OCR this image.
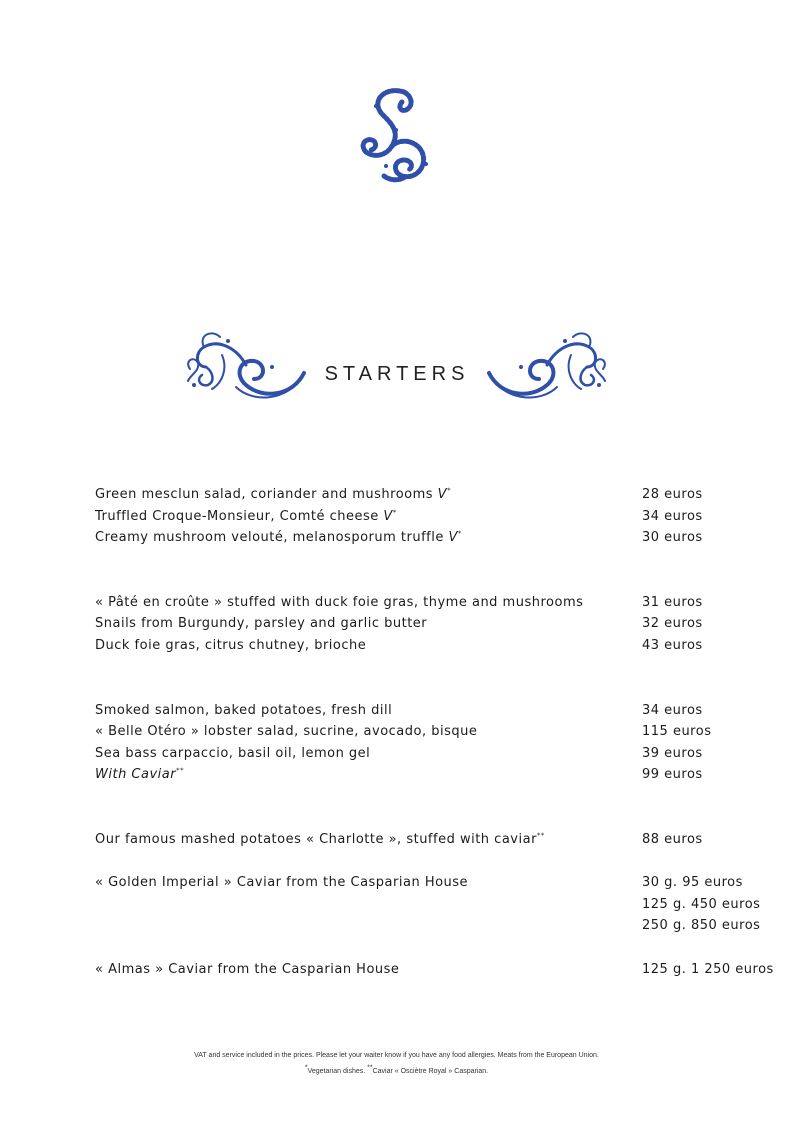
STARTERS
Green mesclun salad, coriander and mushrooms V*	28 euros
Truffled Croque-Monsieur, Comté cheese V*	34 euros
Creamy mushroom velouté, melanosporum truffle V*	30 euros
« Pâté en croûte » stuffed with duck foie gras, thyme and mushrooms	31 euros
Snails from Burgundy, parsley and garlic butter	32 euros
Duck foie gras, citrus chutney, brioche	43 euros
Smoked salmon, baked potatoes, fresh dill	34 euros
« Belle Otéro » lobster salad, sucrine, avocado, bisque	115 euros
Sea bass carpaccio, basil oil, lemon gel	39 euros
With Caviar**	99 euros
Our famous mashed potatoes « Charlotte », stuffed with caviar**	88 euros
« Golden Imperial » Caviar from the Casparian House	30 g. 95 euros
125 g. 450 euros
250 g. 850 euros
« Almas » Caviar from the Casparian House	125 g. 1 250 euros
VAT and service included in the prices. Please let your waiter know if you have any food allergies. Meats from the European Union.
*Vegetarian dishes. **Caviar « Osciètre Royal » Casparian.
